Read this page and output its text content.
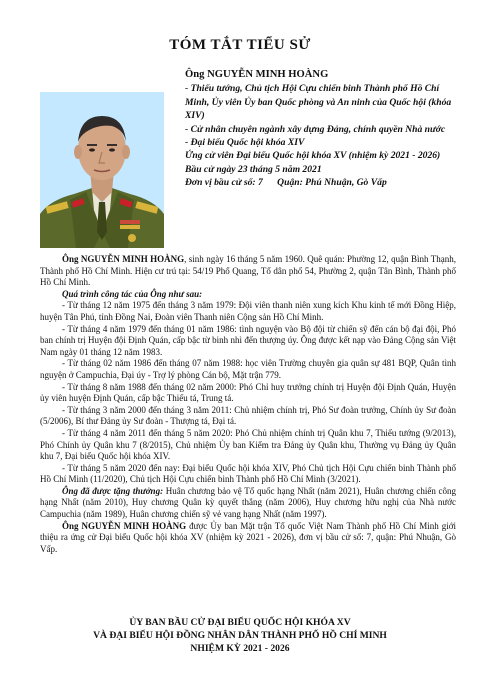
TÓM TẮT TIỂU SỬ

Ông NGUYỄN MINH HOÀNG

- Thiếu tướng, Chủ tịch Hội Cựu chiến binh Thành phố Hồ Chí Minh, Ủy viên Ủy ban Quốc phòng và An ninh của Quốc hội (khóa XIV)

- Cử nhân chuyên ngành xây dựng Đảng, chính quyền Nhà nước

- Đại biểu Quốc hội khóa XIV

Ứng cử viên Đại biểu Quốc hội khóa XV (nhiệm kỳ 2021 - 2026)

Bầu cử ngày 23 tháng 5 năm 2021

Đơn vị bầu cử số: 7      Quận: Phú Nhuận, Gò Vấp

Ông NGUYỄN MINH HOÀNG, sinh ngày 16 tháng 5 năm 1960. Quê quán: Phường 12, quận Bình Thạnh, Thành phố Hồ Chí Minh. Hiện cư trú tại: 54/19 Phổ Quang, Tổ dân phố 54, Phường 2, quận Tân Bình, Thành phố Hồ Chí Minh.

Quá trình công tác của Ông như sau:

- Từ tháng 12 năm 1975 đến tháng 3 năm 1979: Đội viên thanh niên xung kích Khu kinh tế mới Đồng Hiệp, huyện Tân Phú, tỉnh Đồng Nai, Đoàn viên Thanh niên Cộng sản Hồ Chí Minh.

- Từ tháng 4 năm 1979 đến tháng 01 năm 1986: tình nguyện vào Bộ đội từ chiến sỹ đến cán bộ đại đội, Phó ban chính trị Huyện đội Định Quán, cấp bậc từ binh nhì đến thượng úy. Ông được kết nạp vào Đảng Cộng sản Việt Nam ngày 01 tháng 12 năm 1983.

- Từ tháng 02 năm 1986 đến tháng 07 năm 1988: học viên Trường chuyên gia quân sự 481 BQP, Quân tình nguyện ở Campuchia, Đại úy - Trợ lý phòng Cán bộ, Mặt trận 779.

- Từ tháng 8 năm 1988 đến tháng 02 năm 2000: Phó Chỉ huy trưởng chính trị Huyện đội Định Quán, Huyện ủy viên huyện Định Quán, cấp bậc Thiếu tá, Trung tá.

- Từ tháng 3 năm 2000 đến tháng 3 năm 2011: Chủ nhiệm chính trị, Phó Sư đoàn trưởng, Chính ủy Sư đoàn (5/2006), Bí thư Đảng ủy Sư đoàn - Thượng tá, Đại tá.

- Từ tháng 4 năm 2011 đến tháng 5 năm 2020: Phó Chủ nhiệm chính trị Quân khu 7, Thiếu tướng (9/2013), Phó Chính ủy Quân khu 7 (8/2015), Chủ nhiệm Ủy ban Kiểm tra Đảng ủy Quân khu, Thường vụ Đảng ủy Quân khu 7, Đại biểu Quốc hội khóa XIV.

- Từ tháng 5 năm 2020 đến nay: Đại biểu Quốc hội khóa XIV, Phó Chủ tịch Hội Cựu chiến binh Thành phố Hồ Chí Minh (11/2020), Chủ tịch Hội Cựu chiến binh Thành phố Hồ Chí Minh (3/2021).

Ông đã được tặng thưởng: Huân chương bảo vệ Tổ quốc hạng Nhất (năm 2021), Huân chương chiến công hạng Nhất (năm 2010), Huy chương Quân kỳ quyết thắng (năm 2006), Huy chương hữu nghị của Nhà nước Campuchia (năm 1989), Huân chương chiến sỹ vẻ vang hạng Nhất (năm 1997).

Ông NGUYỄN MINH HOÀNG được Ủy ban Mặt trận Tổ quốc Việt Nam Thành phố Hồ Chí Minh giới thiệu ra ứng cử Đại biểu Quốc hội khóa XV (nhiệm kỳ 2021 - 2026), đơn vị bầu cử số: 7, quận: Phú Nhuận, Gò Vấp.

ỦY BAN BẦU CỬ ĐẠI BIỂU QUỐC HỘI KHÓA XV

VÀ ĐẠI BIỂU HỘI ĐỒNG NHÂN DÂN THÀNH PHỐ HỒ CHÍ MINH

NHIỆM KỲ 2021 - 2026
